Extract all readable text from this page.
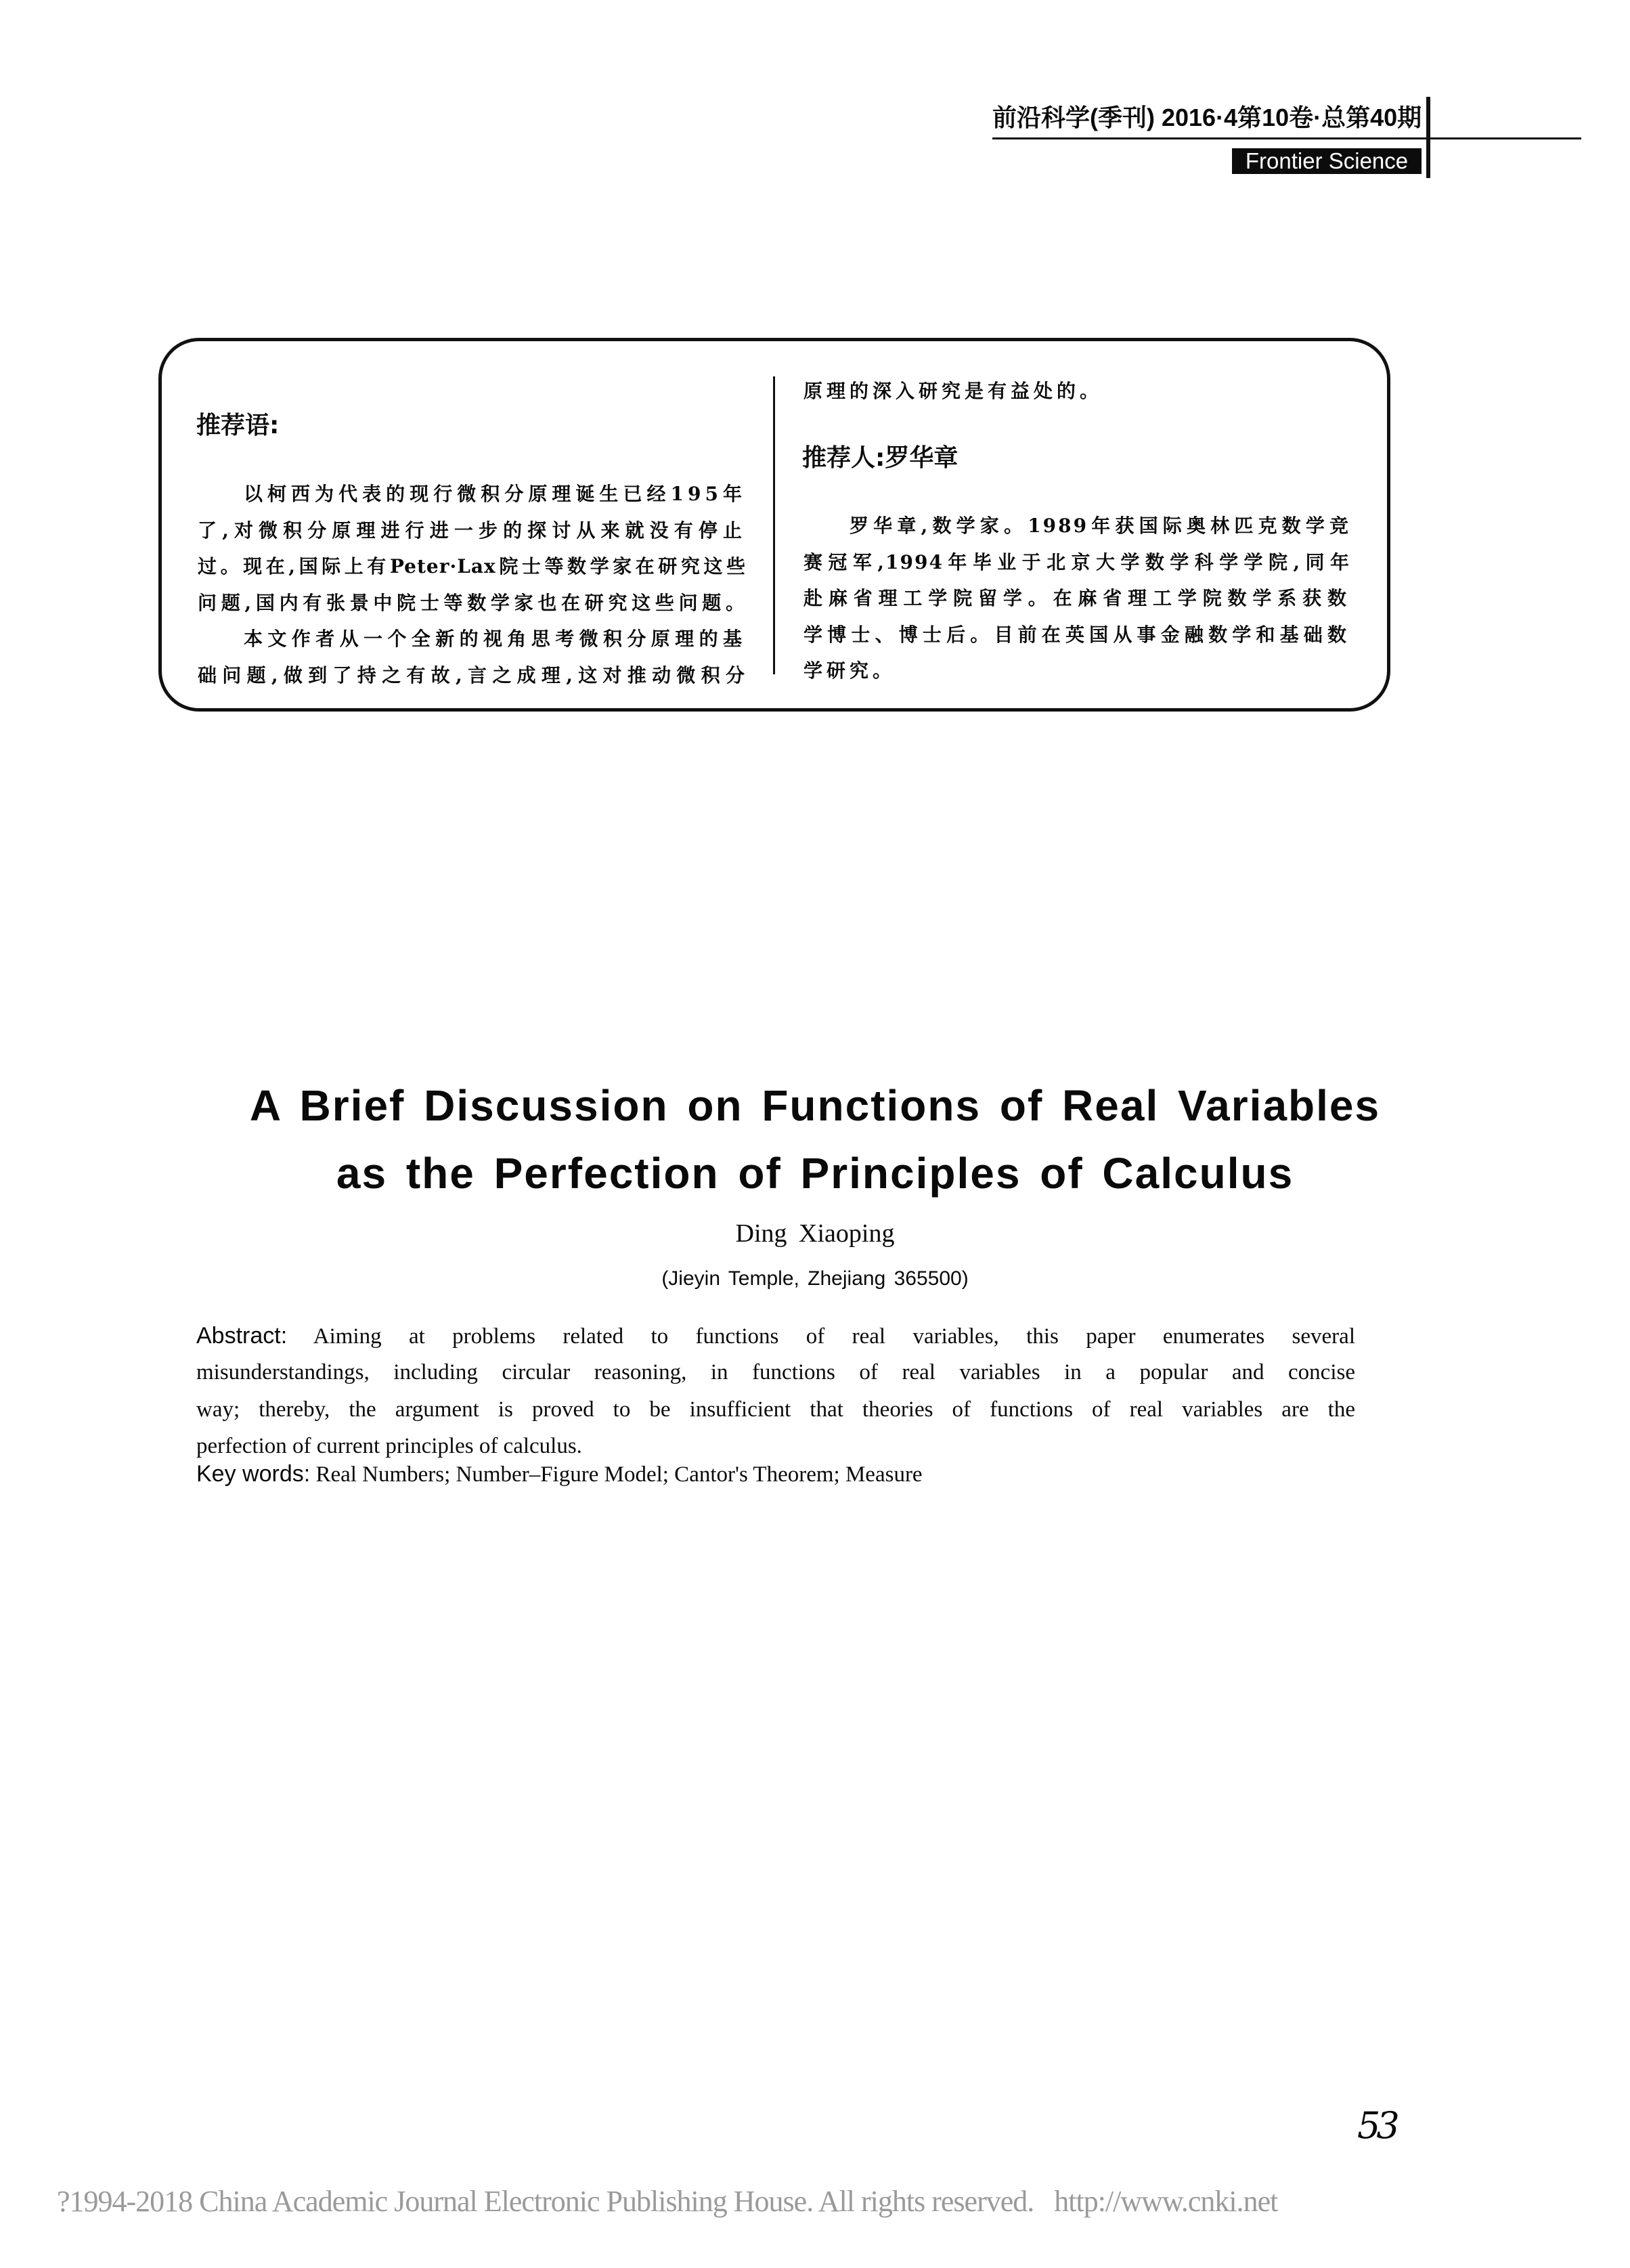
前沿科学(季刊) 2016·4第10卷·总第40期
Frontier Science
推荐语:
以柯西为代表的现行微积分原理诞生已经195年
了,对微积分原理进行进一步的探讨从来就没有停止
过。现在,国际上有Peter·Lax院士等数学家在研究这些
问题,国内有张景中院士等数学家也在研究这些问题。
本文作者从一个全新的视角思考微积分原理的基
础问题,做到了持之有故,言之成理,这对推动微积分
原理的深入研究是有益处的。
推荐人:罗华章
罗华章,数学家。1989年获国际奥林匹克数学竞
赛冠军,1994年毕业于北京大学数学科学学院,同年
赴麻省理工学院留学。在麻省理工学院数学系获数
学博士、博士后。目前在英国从事金融数学和基础数
学研究。
A Brief Discussion on Functions of Real Variables
as the Perfection of Principles of Calculus
Ding Xiaoping
(Jieyin Temple, Zhejiang 365500)
Abstract: Aiming at problems related to functions of real variables, this paper enumerates several
misunderstandings, including circular reasoning, in functions of real variables in a popular and concise
way; thereby, the argument is proved to be insufficient that theories of functions of real variables are the
perfection of current principles of calculus.
Key words: Real Numbers; Number–Figure Model; Cantor's Theorem; Measure
53
?1994-2018 China Academic Journal Electronic Publishing House. All rights reserved. http://www.cnki.net
